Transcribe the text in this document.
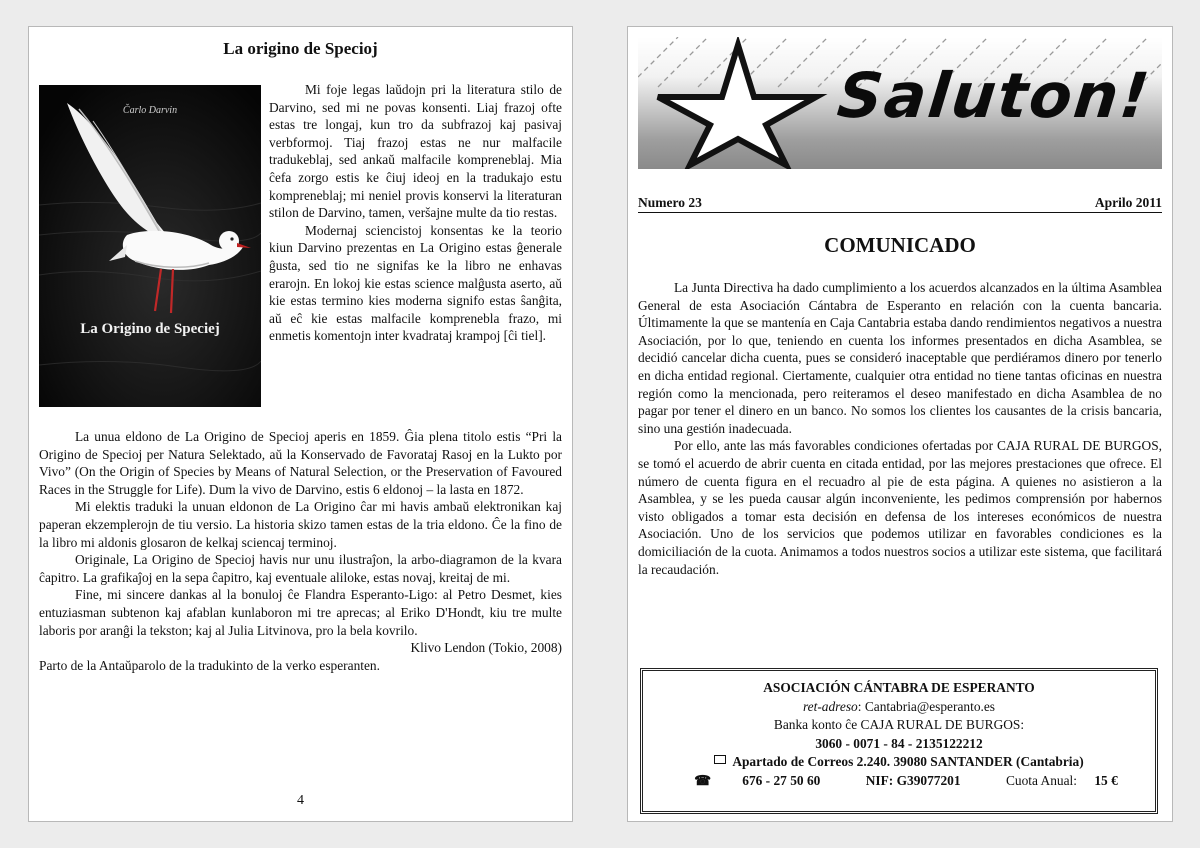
La origino de Specioj
Čarlo Darvin
La Origino de Speciej

Mi foje legas laŭdojn pri la literatura stilo de Darvino, sed mi ne povas konsenti. Liaj frazoj ofte estas tre longaj, kun tro da subfrazoj kaj pasivaj verbformoj. Tiaj frazoj estas ne nur malfacile tradukeblaj, sed ankaŭ malfacile kompreneblaj. Mia ĉefa zorgo estis ke ĉiuj ideoj en la tradukajo estu kompreneblaj; mi neniel provis konservi la literaturan stilon de Darvino, tamen, veršajne multe da tio restas.

Modernaj sciencistoj konsentas ke la teorio kiun Darvino prezentas en La Origino estas ĝenerale ĝusta, sed tio ne signifas ke la libro ne enhavas erarojn. En lokoj kie estas science malĝusta aserto, aŭ kie estas termino kies moderna signifo estas ŝanĝita, aŭ eĉ kie estas malfacile komprenebla frazo, mi enmetis komentojn inter kvadrataj krampoj [ĉi tiel].

La unua eldono de La Origino de Specioj aperis en 1859. Ĝia plena titolo estis “Pri la Origino de Specioj per Natura Selektado, aŭ la Konservado de Favorataj Rasoj en la Lukto por Vivo” (On the Origin of Species by Means of Natural Selection, or the Preservation of Favoured Races in the Struggle for Life). Dum la vivo de Darvino, estis 6 eldonoj – la lasta en 1872.

Mi elektis traduki la unuan eldonon de La Origino ĉar mi havis ambaŭ elektronikan kaj paperan ekzemplerojn de tiu versio. La historia skizo tamen estas de la tria eldono. Ĉe la fino de la libro mi aldonis glosaron de kelkaj sciencaj terminoj.

Originale, La Origino de Specioj havis nur unu ilustraĵon, la arbo-diagramon de la kvara ĉapitro. La grafikaĵoj en la sepa ĉapitro, kaj eventuale aliloke, estas novaj, kreitaj de mi.

Fine, mi sincere dankas al la bonuloj ĉe Flandra Esperanto-Ligo: al Petro Desmet, kies entuziasman subtenon kaj afablan kunlaboron mi tre aprecas; al Eriko D'Hondt, kiu tre multe laboris por aranĝi la tekston; kaj al Julia Litvinova, pro la bela kovrilo.

Klivo Lendon (Tokio, 2008)

Parto de la Antaŭparolo de la tradukinto de la verko esperanten.

4
Saluton!
Numero 23	Aprilo 2011
COMUNICADO

La Junta Directiva ha dado cumplimiento a los acuerdos alcanzados en la última Asamblea General de esta Asociación Cántabra de Esperanto en relación con la cuenta bancaria. Últimamente la que se mantenía en Caja Cantabria estaba dando rendimientos negativos a nuestra Asociación, por lo que, teniendo en cuenta los informes presentados en dicha Asamblea, se decidió cancelar dicha cuenta, pues se consideró inaceptable que perdiéramos dinero por tenerlo en dicha entidad regional. Ciertamente, cualquier otra entidad no tiene tantas oficinas en nuestra región como la mencionada, pero reiteramos el deseo manifestado en dicha Asamblea de no pagar por tener el dinero en un banco. No somos los clientes los causantes de la crisis bancaria, sino una gestión inadecuada.

Por ello, ante las más favorables condiciones ofertadas por CAJA RURAL DE BURGOS, se tomó el acuerdo de abrir cuenta en citada entidad, por las mejores prestaciones que ofrece. El número de cuenta figura en el recuadro al pie de esta página. A quienes no asistieron a la Asamblea, y se les pueda causar algún inconveniente, les pedimos comprensión por habernos visto obligados a tomar esta decisión en defensa de los intereses económicos de nuestra Asociación. Uno de los servicios que podemos utilizar en favorables condiciones es la domiciliación de la cuota. Animamos a todos nuestros socios a utilizar este sistema, que facilitará la recaudación.

ASOCIACIÓN CÁNTABRA DE ESPERANTO
ret-adreso: Cantabria@esperanto.es
Banka konto ĉe CAJA RURAL DE BURGOS:
3060 - 0071 - 84 - 2135122212
Apartado de Correos 2.240. 39080 SANTANDER (Cantabria)
☎ 676 - 27 50 60	NIF: G39077201	Cuota Anual: 15 €
